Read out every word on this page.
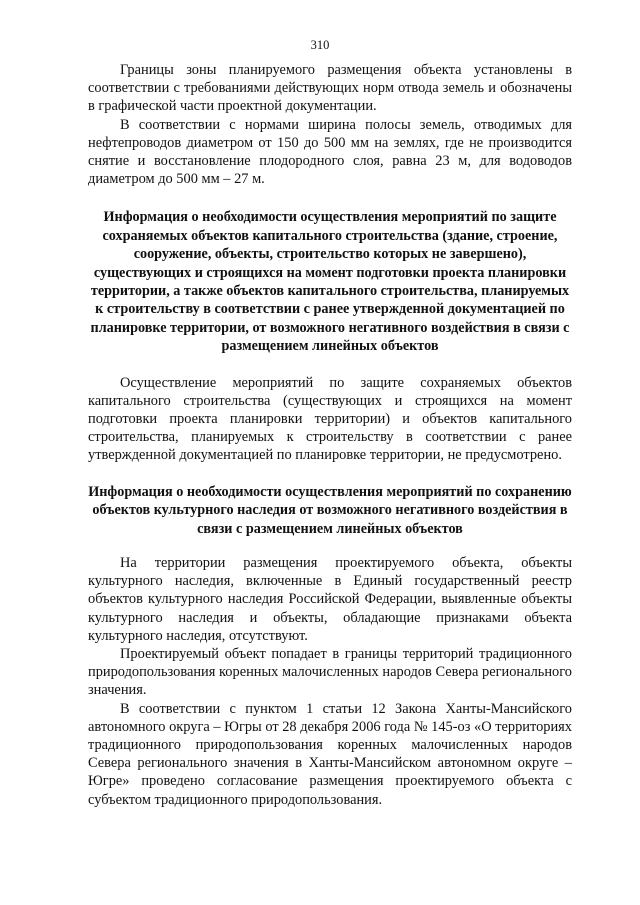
310

Границы зоны планируемого размещения объекта установлены в соответствии с требованиями действующих норм отвода земель и обозначены в графической части проектной документации.

В соответствии с нормами ширина полосы земель, отводимых для нефтепроводов диаметром от 150 до 500 мм на землях, где не производится снятие и восстановление плодородного слоя, равна 23 м, для водоводов диаметром до 500 мм – 27 м.

Информация о необходимости осуществления мероприятий по защите сохраняемых объектов капитального строительства (здание, строение, сооружение, объекты, строительство которых не завершено), существующих и строящихся на момент подготовки проекта планировки территории, а также объектов капитального строительства, планируемых к строительству в соответствии с ранее утвержденной документацией по планировке территории, от возможного негативного воздействия в связи с размещением линейных объектов

Осуществление мероприятий по защите сохраняемых объектов капитального строительства (существующих и строящихся на момент подготовки проекта планировки территории) и объектов капитального строительства, планируемых к строительству в соответствии с ранее утвержденной документацией по планировке территории, не предусмотрено.

Информация о необходимости осуществления мероприятий по сохранению объектов культурного наследия от возможного негативного воздействия в связи с размещением линейных объектов

На территории размещения проектируемого объекта, объекты культурного наследия, включенные в Единый государственный реестр объектов культурного наследия Российской Федерации, выявленные объекты культурного наследия и объекты, обладающие признаками объекта культурного наследия, отсутствуют.

Проектируемый объект попадает в границы территорий традиционного природопользования коренных малочисленных народов Севера регионального значения.

В соответствии с пунктом 1 статьи 12 Закона Ханты-Мансийского автономного округа – Югры от 28 декабря 2006 года № 145-оз «О территориях традиционного природопользования коренных малочисленных народов Севера регионального значения в Ханты-Мансийском автономном округе – Югре» проведено согласование размещения проектируемого объекта с субъектом традиционного природопользования.
